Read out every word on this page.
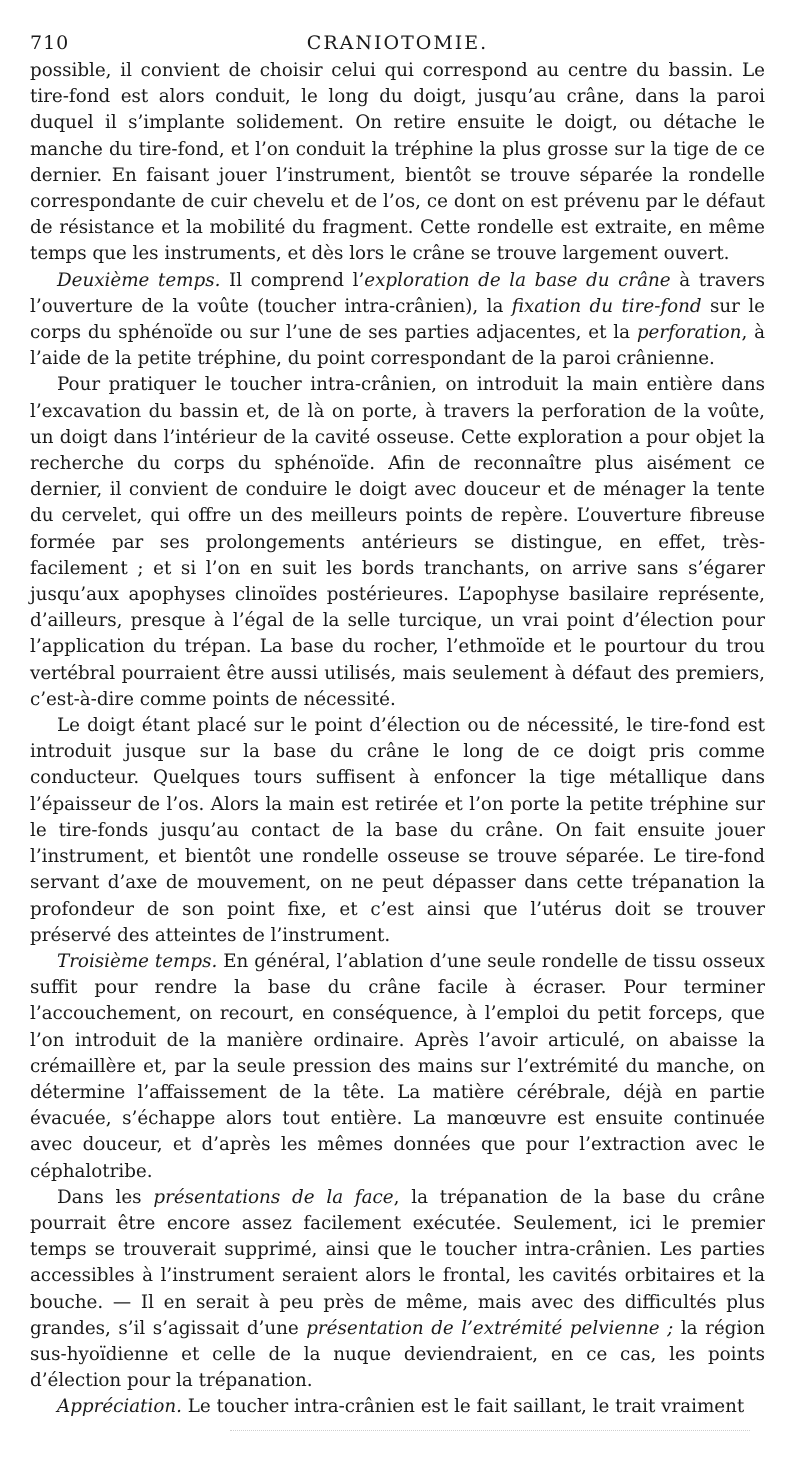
710	CRANIOTOMIE.

possible, il convient de choisir celui qui correspond au centre du bassin. Le tire-fond est alors conduit, le long du doigt, jusqu’au crâne, dans la paroi duquel il s’implante solidement. On retire ensuite le doigt, ou détache le manche du tire-fond, et l’on conduit la tréphine la plus grosse sur la tige de ce dernier. En faisant jouer l’instrument, bientôt se trouve séparée la rondelle correspondante de cuir chevelu et de l’os, ce dont on est prévenu par le défaut de résistance et la mobilité du fragment. Cette rondelle est extraite, en même temps que les instruments, et dès lors le crâne se trouve largement ouvert.

Deuxième temps. Il comprend l’exploration de la base du crâne à travers l’ouverture de la voûte (toucher intra-crânien), la fixation du tire-fond sur le corps du sphénoïde ou sur l’une de ses parties adjacentes, et la perforation, à l’aide de la petite tréphine, du point correspondant de la paroi crânienne.

Pour pratiquer le toucher intra-crânien, on introduit la main entière dans l’excavation du bassin et, de là on porte, à travers la perforation de la voûte, un doigt dans l’intérieur de la cavité osseuse. Cette exploration a pour objet la recherche du corps du sphénoïde. Afin de reconnaître plus aisément ce dernier, il convient de conduire le doigt avec douceur et de ménager la tente du cervelet, qui offre un des meilleurs points de repère. L’ouverture fibreuse formée par ses prolongements antérieurs se distingue, en effet, très-facilement ; et si l’on en suit les bords tranchants, on arrive sans s’égarer jusqu’aux apophyses clinoïdes postérieures. L’apophyse basilaire représente, d’ailleurs, presque à l’égal de la selle turcique, un vrai point d’élection pour l’application du trépan. La base du rocher, l’ethmoïde et le pourtour du trou vertébral pourraient être aussi utilisés, mais seulement à défaut des premiers, c’est-à-dire comme points de nécessité.

Le doigt étant placé sur le point d’élection ou de nécessité, le tire-fond est introduit jusque sur la base du crâne le long de ce doigt pris comme conducteur. Quelques tours suffisent à enfoncer la tige métallique dans l’épaisseur de l’os. Alors la main est retirée et l’on porte la petite tréphine sur le tire-fonds jusqu’au contact de la base du crâne. On fait ensuite jouer l’instrument, et bientôt une rondelle osseuse se trouve séparée. Le tire-fond servant d’axe de mouvement, on ne peut dépasser dans cette trépanation la profondeur de son point fixe, et c’est ainsi que l’utérus doit se trouver préservé des atteintes de l’instrument.

Troisième temps. En général, l’ablation d’une seule rondelle de tissu osseux suffit pour rendre la base du crâne facile à écraser. Pour terminer l’accouchement, on recourt, en conséquence, à l’emploi du petit forceps, que l’on introduit de la manière ordinaire. Après l’avoir articulé, on abaisse la crémaillère et, par la seule pression des mains sur l’extrémité du manche, on détermine l’affaissement de la tête. La matière cérébrale, déjà en partie évacuée, s’échappe alors tout entière. La manœuvre est ensuite continuée avec douceur, et d’après les mêmes données que pour l’extraction avec le céphalotribe.

Dans les présentations de la face, la trépanation de la base du crâne pourrait être encore assez facilement exécutée. Seulement, ici le premier temps se trouverait supprimé, ainsi que le toucher intra-crânien. Les parties accessibles à l’instrument seraient alors le frontal, les cavités orbitaires et la bouche. — Il en serait à peu près de même, mais avec des difficultés plus grandes, s’il s’agissait d’une présentation de l’extrémité pelvienne ; la région sus-hyoïdienne et celle de la nuque deviendraient, en ce cas, les points d’élection pour la trépanation.

Appréciation. Le toucher intra-crânien est le fait saillant, le trait vraiment
